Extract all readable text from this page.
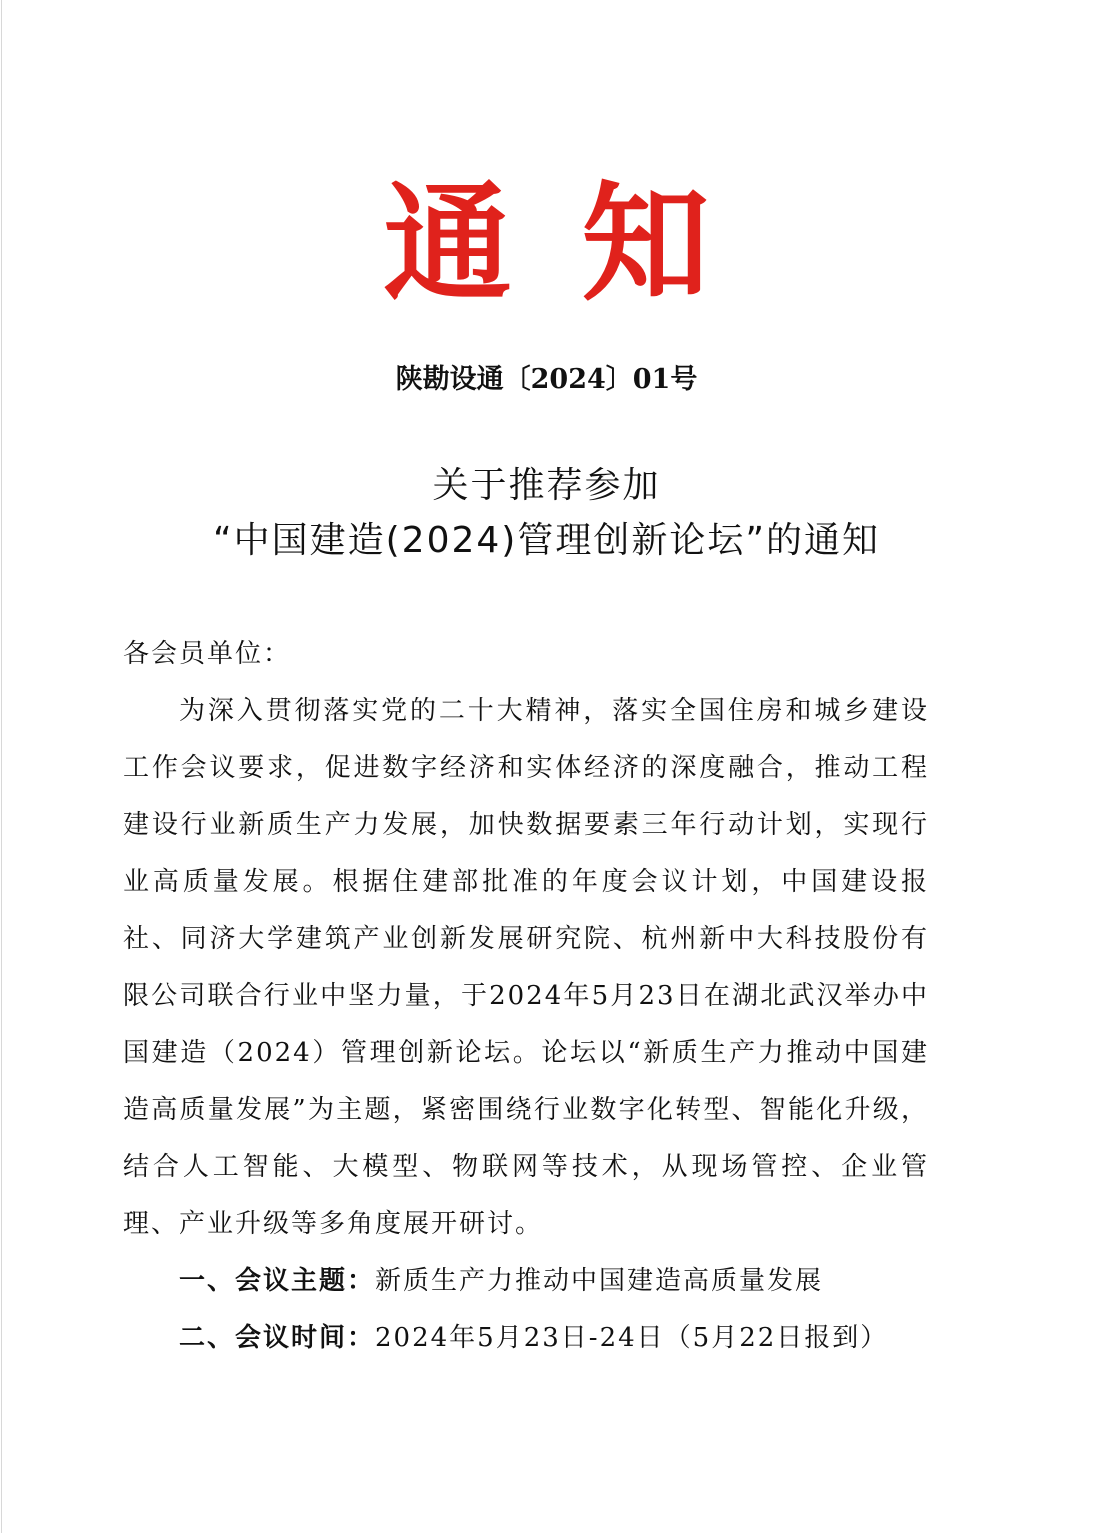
通知
陕勘设通〔2024〕01号
关于推荐参加
“中国建造(2024)管理创新论坛”的通知

各会员单位：

为深入贯彻落实党的二十大精神，落实全国住房和城乡建设工作会议要求，促进数字经济和实体经济的深度融合，推动工程建设行业新质生产力发展，加快数据要素三年行动计划，实现行业高质量发展。根据住建部批准的年度会议计划，中国建设报社、同济大学建筑产业创新发展研究院、杭州新中大科技股份有限公司联合行业中坚力量，于2024年5月23日在湖北武汉举办中国建造（2024）管理创新论坛。论坛以“新质生产力推动中国建造高质量发展”为主题，紧密围绕行业数字化转型、智能化升级，结合人工智能、大模型、物联网等技术，从现场管控、企业管理、产业升级等多角度展开研讨。

一、会议主题：新质生产力推动中国建造高质量发展

二、会议时间：2024年5月23日-24日（5月22日报到）
